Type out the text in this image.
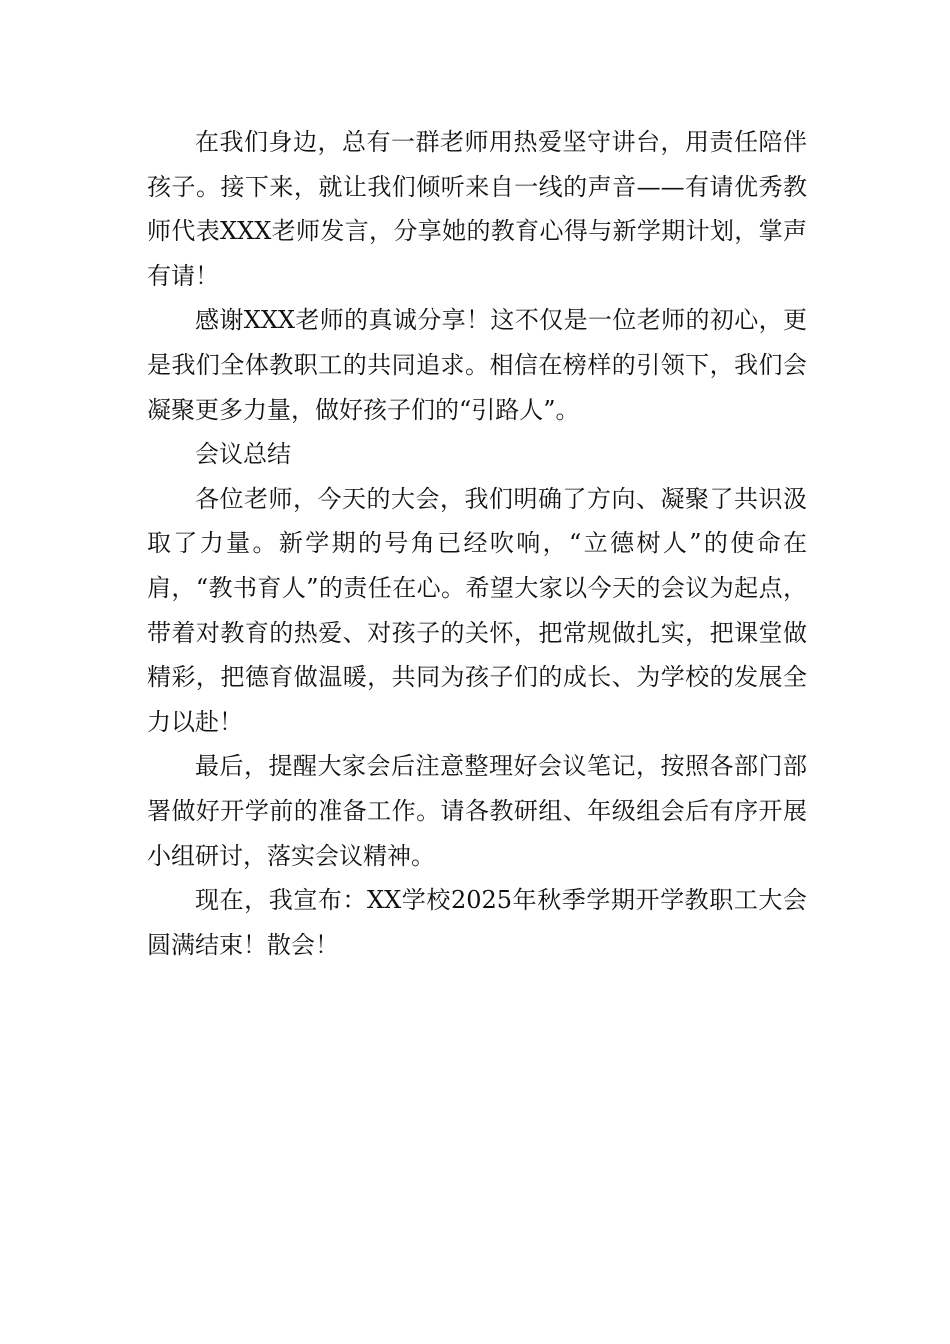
在我们身边，总有一群老师用热爱坚守讲台，用责任陪伴孩子。接下来，就让我们倾听来自一线的声音——有请优秀教师代表XXX老师发言，分享她的教育心得与新学期计划，掌声有请！

感谢XXX老师的真诚分享！这不仅是一位老师的初心，更是我们全体教职工的共同追求。相信在榜样的引领下，我们会凝聚更多力量，做好孩子们的“引路人”。

会议总结

各位老师，今天的大会，我们明确了方向、凝聚了共识汲取了力量。新学期的号角已经吹响，“立德树人”的使命在肩，“教书育人”的责任在心。希望大家以今天的会议为起点，带着对教育的热爱、对孩子的关怀，把常规做扎实，把课堂做精彩，把德育做温暖，共同为孩子们的成长、为学校的发展全力以赴！

最后，提醒大家会后注意整理好会议笔记，按照各部门部署做好开学前的准备工作。请各教研组、年级组会后有序开展小组研讨，落实会议精神。

现在，我宣布：XX学校2025年秋季学期开学教职工大会圆满结束！散会！
